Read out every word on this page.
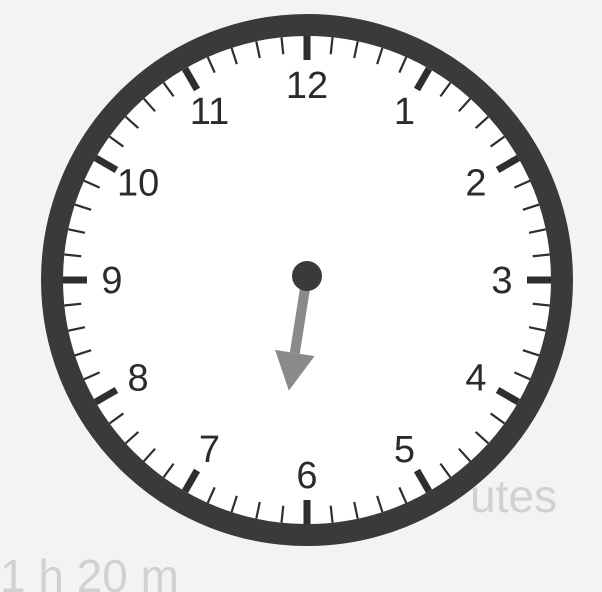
utes
1 h 20 m
12
1
2
3
4
5
6
7
8
9
10
11
